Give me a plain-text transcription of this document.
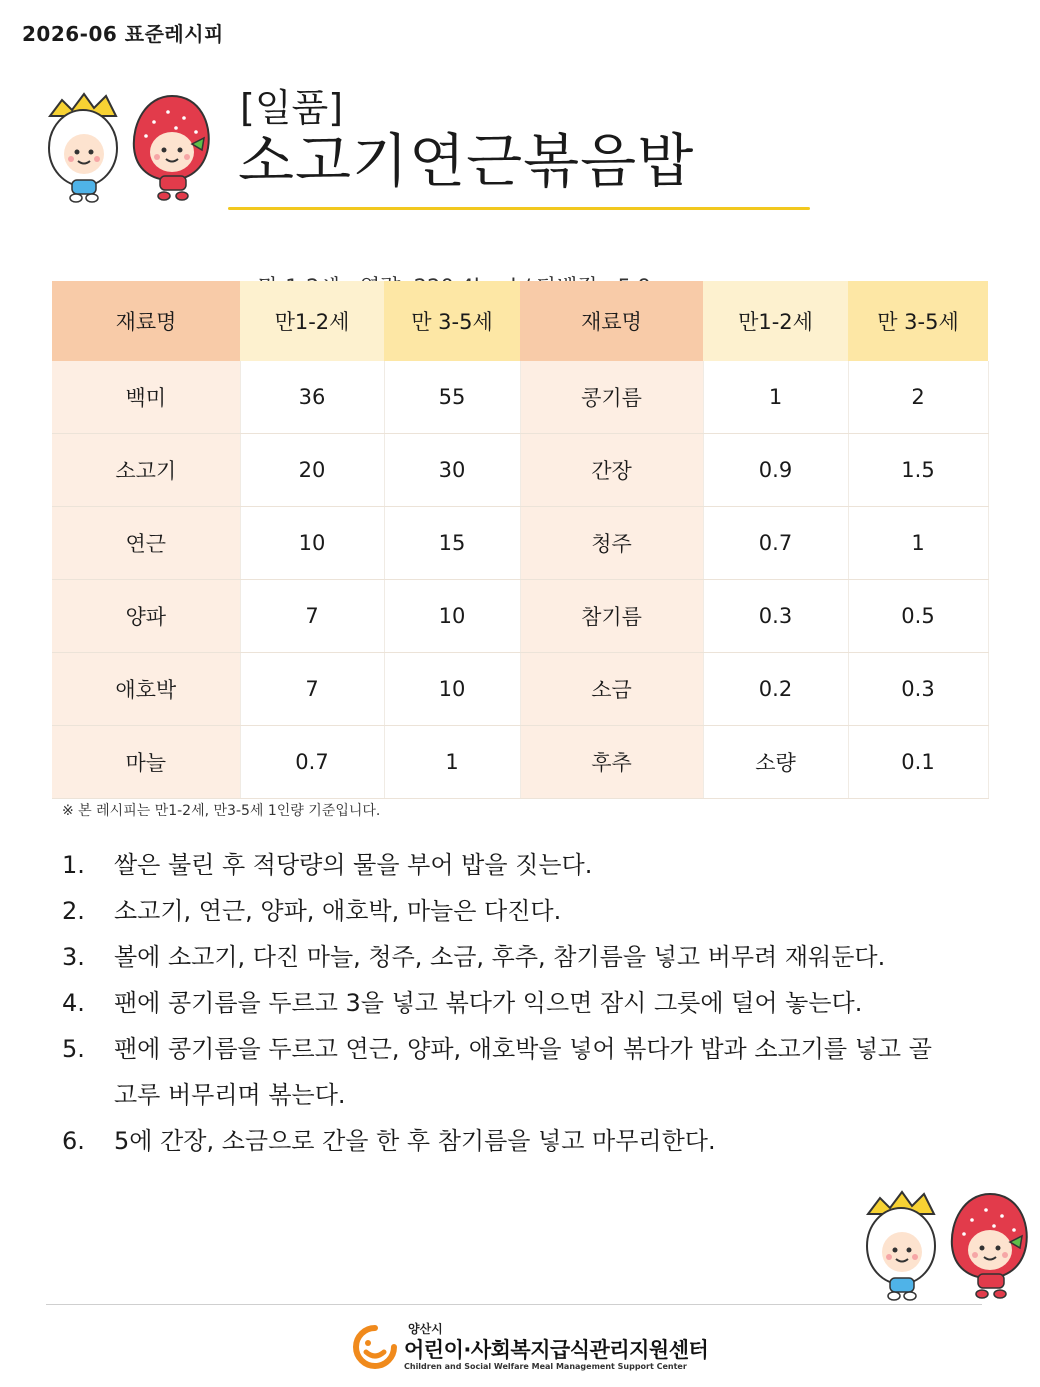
2026-06 표준레시피
[일품]
소고기연근볶음밥

재료명	만1-2세	만 3-5세	재료명	만1-2세	만 3-5세
백미	36	55	콩기름	1	2
소고기	20	30	간장	0.9	1.5
연근	10	15	청주	0.7	1
양파	7	10	참기름	0.3	0.5
애호박	7	10	소금	0.2	0.3
마늘	0.7	1	후추	소량	0.1
※ 본 레시피는 만1-2세, 만3-5세 1인량 기준입니다.
1. 쌀은 불린 후 적당량의 물을 부어 밥을 짓는다.
2. 소고기, 연근, 양파, 애호박, 마늘은 다진다.
3. 볼에 소고기, 다진 마늘, 청주, 소금, 후추, 참기름을 넣고 버무려 재워둔다.
4. 팬에 콩기름을 두르고 3을 넣고 볶다가 익으면 잠시 그릇에 덜어 놓는다.
5. 팬에 콩기름을 두르고 연근, 양파, 애호박을 넣어 볶다가 밥과 소고기를 넣고 골고루 버무리며 볶는다.
6. 5에 간장, 소금으로 간을 한 후 참기름을 넣고 마무리한다.
양산시
어린이·사회복지급식관리지원센터
Children and Social Welfare Meal Management Support Center
